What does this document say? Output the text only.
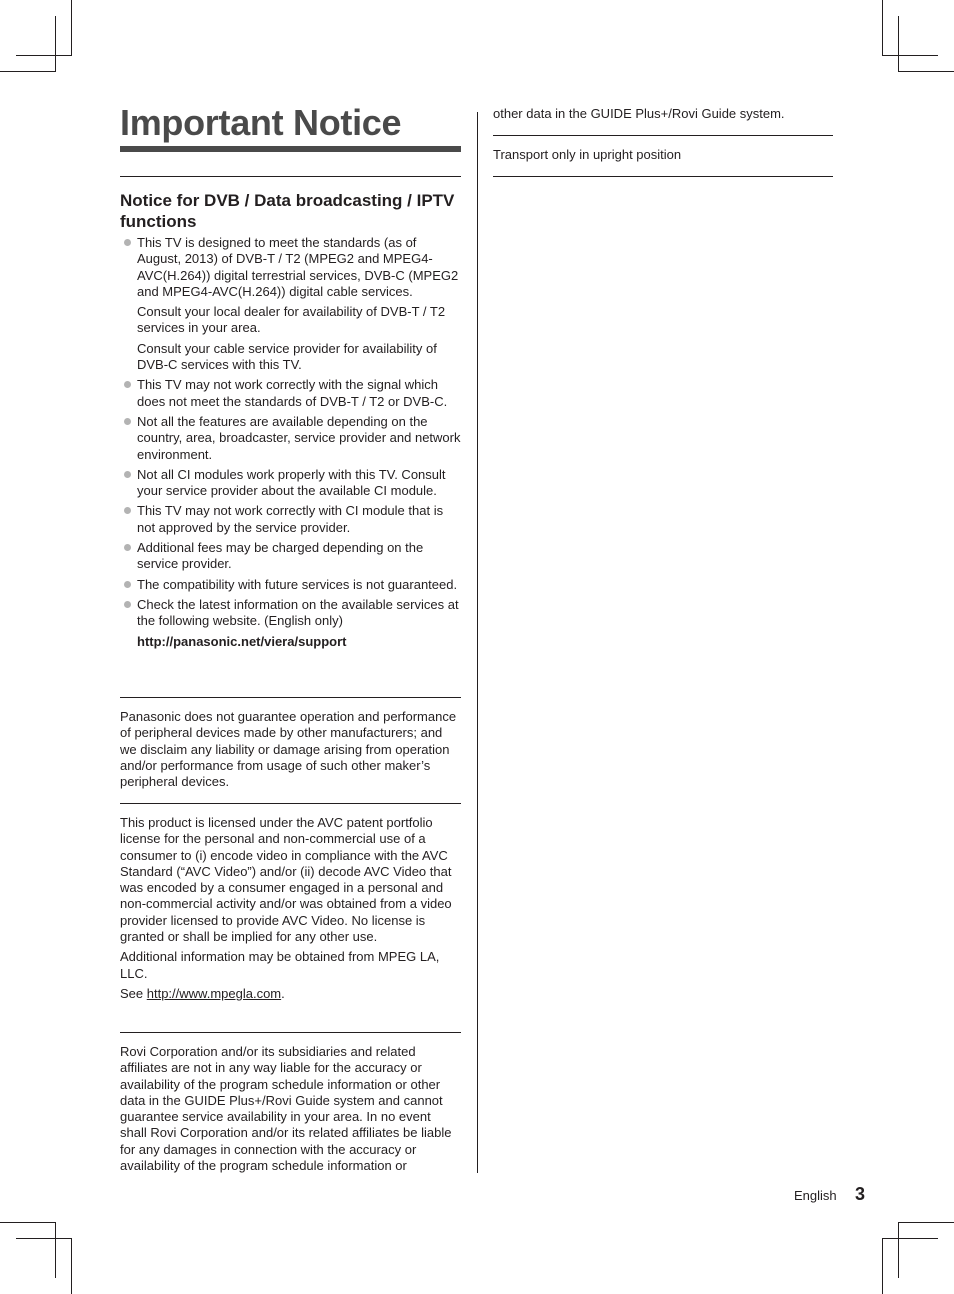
Important Notice
Notice for DVB / Data broadcasting / IPTV functions
This TV is designed to meet the standards (as of August, 2013) of DVB-T / T2 (MPEG2 and MPEG4-AVC(H.264)) digital terrestrial services, DVB-C (MPEG2 and MPEG4-AVC(H.264)) digital cable services.
Consult your local dealer for availability of DVB-T / T2 services in your area.
Consult your cable service provider for availability of DVB-C services with this TV.
This TV may not work correctly with the signal which does not meet the standards of DVB-T / T2 or DVB-C.
Not all the features are available depending on the country, area, broadcaster, service provider and network environment.
Not all CI modules work properly with this TV. Consult your service provider about the available CI module.
This TV may not work correctly with CI module that is not approved by the service provider.
Additional fees may be charged depending on the service provider.
The compatibility with future services is not guaranteed.
Check the latest information on the available services at the following website. (English only)
http://panasonic.net/viera/support

Panasonic does not guarantee operation and performance of peripheral devices made by other manufacturers; and we disclaim any liability or damage arising from operation and/or performance from usage of such other maker’s peripheral devices.

This product is licensed under the AVC patent portfolio license for the personal and non-commercial use of a consumer to (i) encode video in compliance with the AVC Standard (“AVC Video”) and/or (ii) decode AVC Video that was encoded by a consumer engaged in a personal and non-commercial activity and/or was obtained from a video provider licensed to provide AVC Video. No license is granted or shall be implied for any other use.

Additional information may be obtained from MPEG LA, LLC.

See http://www.mpegla.com.

Rovi Corporation and/or its subsidiaries and related affiliates are not in any way liable for the accuracy or availability of the program schedule information or other data in the GUIDE Plus+/Rovi Guide system and cannot guarantee service availability in your area. In no event shall Rovi Corporation and/or its related affiliates be liable for any damages in connection with the accuracy or availability of the program schedule information or

other data in the GUIDE Plus+/Rovi Guide system.

Transport only in upright position

English 3
